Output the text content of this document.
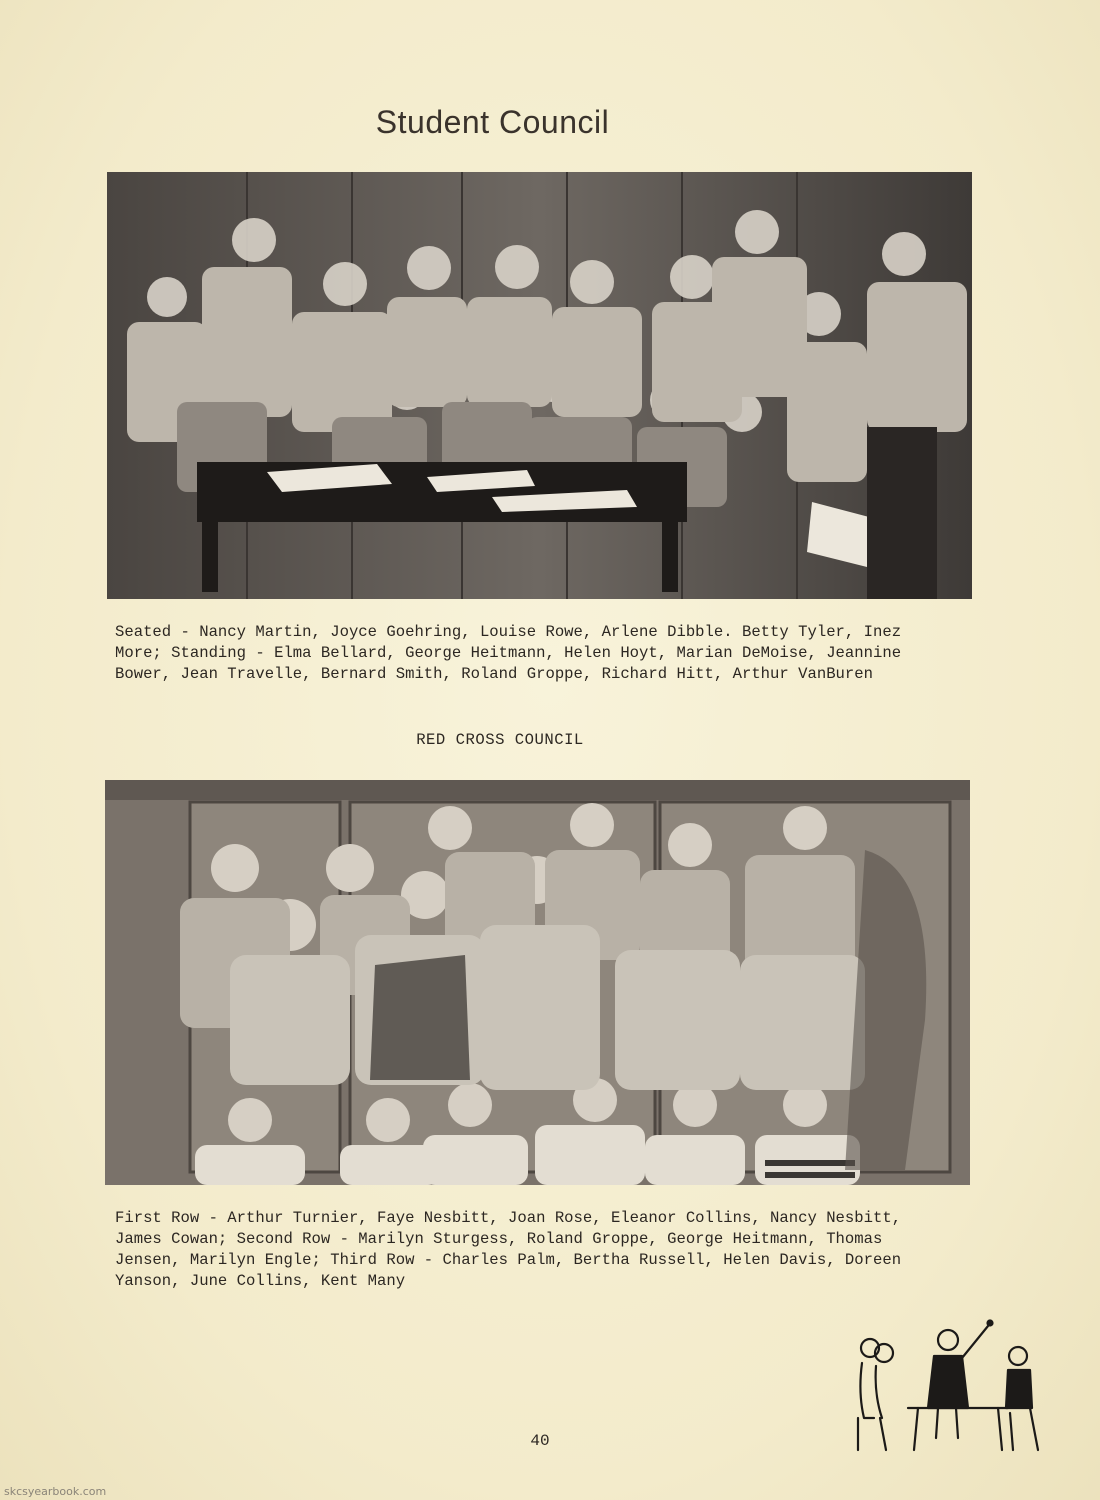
Student Council
Seated - Nancy Martin, Joyce Goehring, Louise Rowe, Arlene Dibble. Betty Tyler, Inez More; Standing - Elma Bellard, George Heitmann, Helen Hoyt, Marian DeMoise, Jeannine Bower, Jean Travelle, Bernard Smith, Roland Groppe, Richard Hitt, Arthur VanBuren
RED CROSS COUNCIL
First Row - Arthur Turnier, Faye Nesbitt, Joan Rose, Eleanor Collins, Nancy Nesbitt, James Cowan; Second Row - Marilyn Sturgess, Roland Groppe, George Heitmann, Thomas Jensen, Marilyn Engle; Third Row - Charles Palm, Bertha Russell, Helen Davis, Doreen Yanson, June Collins, Kent Many
40
skcsyearbook.com
